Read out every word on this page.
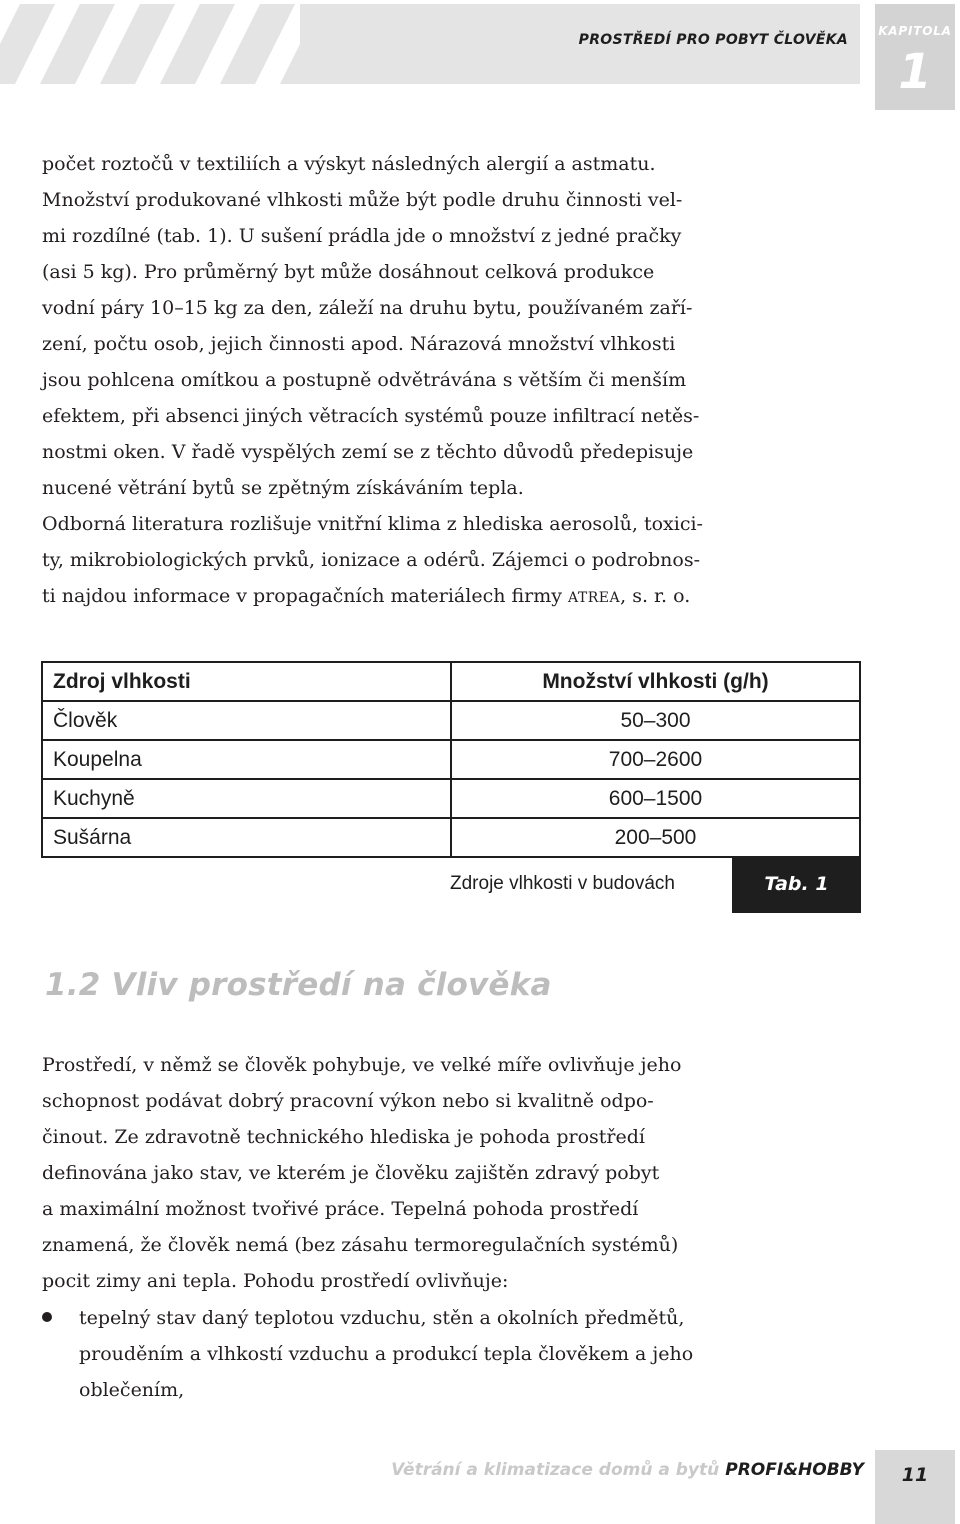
PROSTŘEDÍ PRO POBYT ČLOVĚKA
KAPITOLA
1
počet roztočů v textiliích a výskyt následných alergií a astmatu.
Množství produkované vlhkosti může být podle druhu činnosti vel-
mi rozdílné (tab. 1). U sušení prádla jde o množství z jedné pračky
(asi 5 kg). Pro průměrný byt může dosáhnout celková produkce
vodní páry 10–15 kg za den, záleží na druhu bytu, používaném zaří-
zení, počtu osob, jejich činnosti apod. Nárazová množství vlhkosti
jsou pohlcena omítkou a postupně odvětrávána s větším či menším
efektem, při absenci jiných větracích systémů pouze infiltrací netěs-
nostmi oken. V řadě vyspělých zemí se z těchto důvodů předepisuje
nucené větrání bytů se zpětným získáváním tepla.
Odborná literatura rozlišuje vnitřní klima z hlediska aerosolů, toxici-
ty, mikrobiologických prvků, ionizace a odérů. Zájemci o podrobnos-
ti najdou informace v propagačních materiálech firmy ATREA, s. r. o.
Zdroj vlhkosti	Množství vlhkosti (g/h)
Člověk	50–300
Koupelna	700–2600
Kuchyně	600–1500
Sušárna	200–500
Zdroje vlhkosti v budovách	Tab. 1
1.2 Vliv prostředí na člověka
Prostředí, v němž se člověk pohybuje, ve velké míře ovlivňuje jeho
schopnost podávat dobrý pracovní výkon nebo si kvalitně odpo-
činout. Ze zdravotně technického hlediska je pohoda prostředí
definována jako stav, ve kterém je člověku zajištěn zdravý pobyt
a maximální možnost tvořivé práce. Tepelná pohoda prostředí
znamená, že člověk nemá (bez zásahu termoregulačních systémů)
pocit zimy ani tepla. Pohodu prostředí ovlivňuje:
tepelný stav daný teplotou vzduchu, stěn a okolních předmětů,
prouděním a vlhkostí vzduchu a produkcí tepla člověkem a jeho
oblečením,
Větrání a klimatizace domů a bytů PROFI&HOBBY	11
